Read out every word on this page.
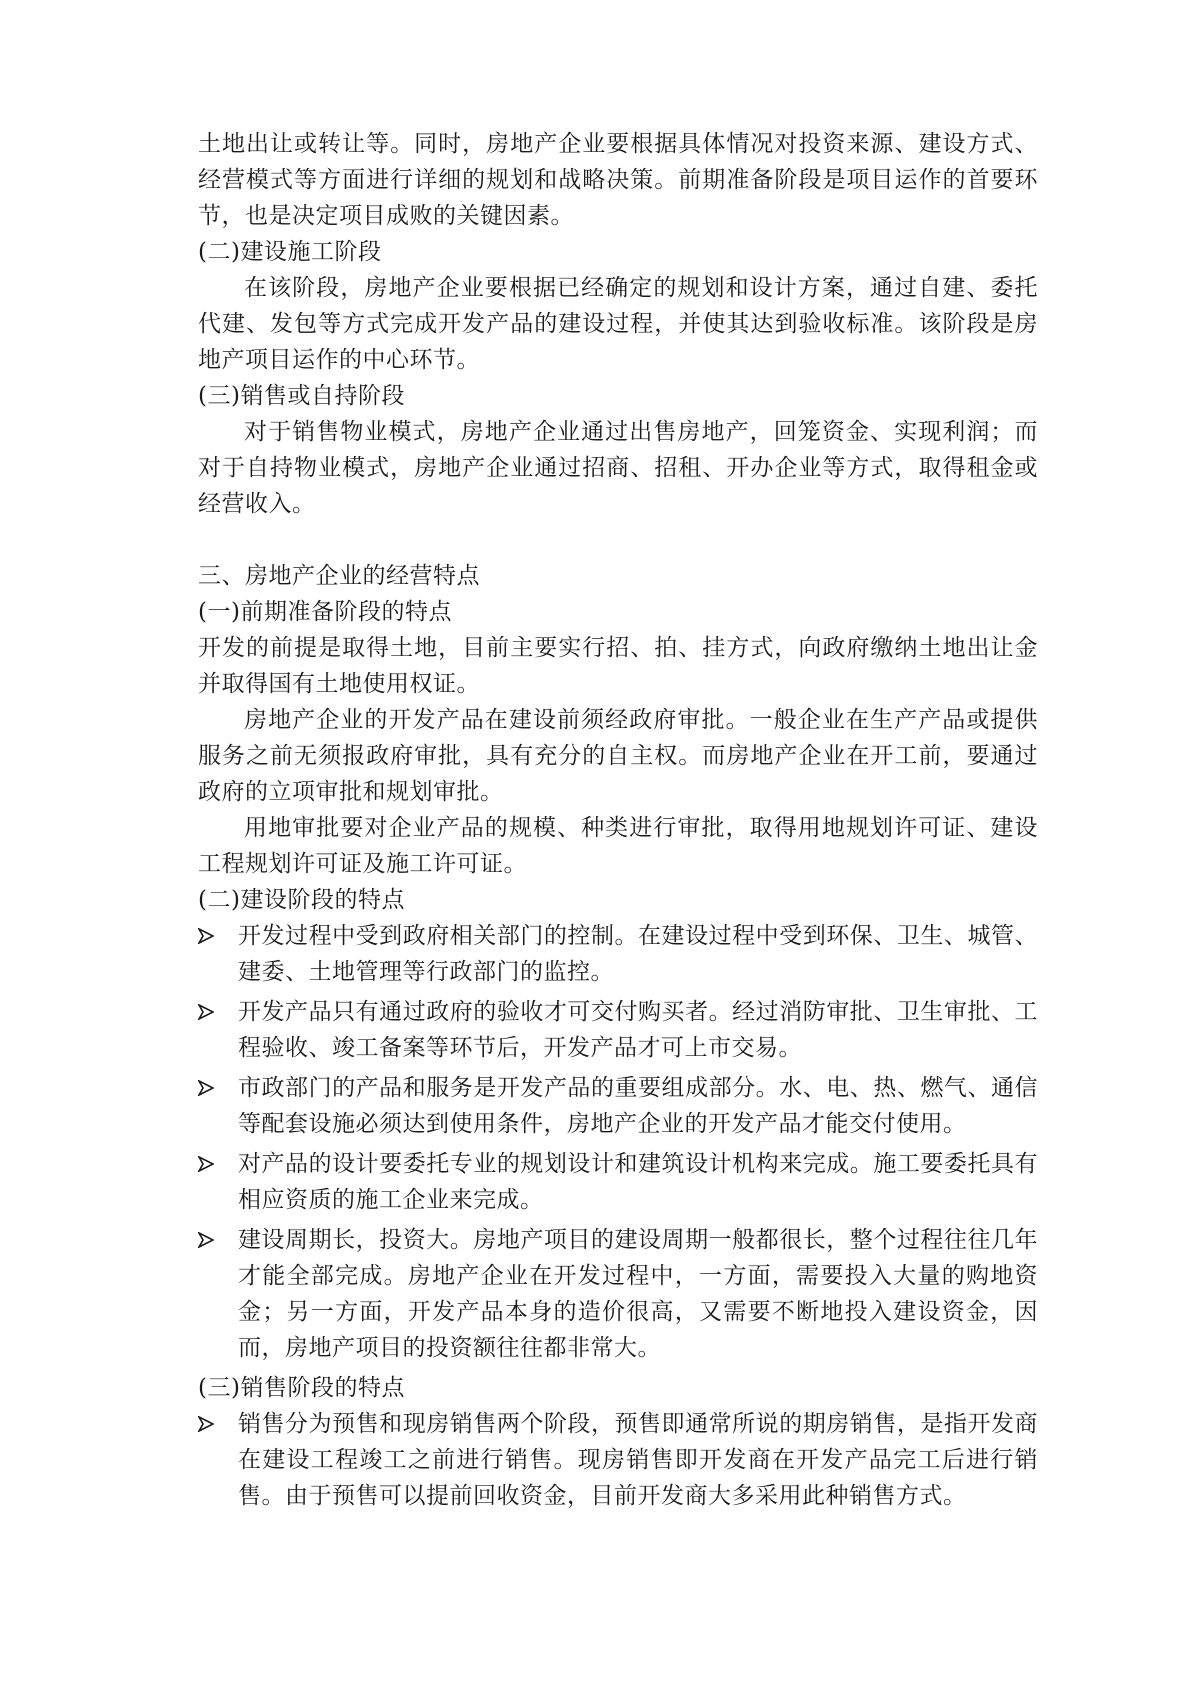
土地出让或转让等。同时，房地产企业要根据具体情况对投资来源、建设方式、经营模式等方面进行详细的规划和战略决策。前期准备阶段是项目运作的首要环节，也是决定项目成败的关键因素。

(二)建设施工阶段

在该阶段，房地产企业要根据已经确定的规划和设计方案，通过自建、委托代建、发包等方式完成开发产品的建设过程，并使其达到验收标准。该阶段是房地产项目运作的中心环节。

(三)销售或自持阶段

对于销售物业模式，房地产企业通过出售房地产，回笼资金、实现利润；而对于自持物业模式，房地产企业通过招商、招租、开办企业等方式，取得租金或经营收入。

三、房地产企业的经营特点

(一)前期准备阶段的特点

开发的前提是取得土地，目前主要实行招、拍、挂方式，向政府缴纳土地出让金并取得国有土地使用权证。

房地产企业的开发产品在建设前须经政府审批。一般企业在生产产品或提供服务之前无须报政府审批，具有充分的自主权。而房地产企业在开工前，要通过政府的立项审批和规划审批。

用地审批要对企业产品的规模、种类进行审批，取得用地规划许可证、建设工程规划许可证及施工许可证。

(二)建设阶段的特点

开发过程中受到政府相关部门的控制。在建设过程中受到环保、卫生、城管、建委、土地管理等行政部门的监控。
开发产品只有通过政府的验收才可交付购买者。经过消防审批、卫生审批、工程验收、竣工备案等环节后，开发产品才可上市交易。
市政部门的产品和服务是开发产品的重要组成部分。水、电、热、燃气、通信等配套设施必须达到使用条件，房地产企业的开发产品才能交付使用。
对产品的设计要委托专业的规划设计和建筑设计机构来完成。施工要委托具有相应资质的施工企业来完成。
建设周期长，投资大。房地产项目的建设周期一般都很长，整个过程往往几年才能全部完成。房地产企业在开发过程中，一方面，需要投入大量的购地资金；另一方面，开发产品本身的造价很高，又需要不断地投入建设资金，因而，房地产项目的投资额往往都非常大。

(三)销售阶段的特点

销售分为预售和现房销售两个阶段，预售即通常所说的期房销售，是指开发商在建设工程竣工之前进行销售。现房销售即开发商在开发产品完工后进行销售。由于预售可以提前回收资金，目前开发商大多采用此种销售方式。
